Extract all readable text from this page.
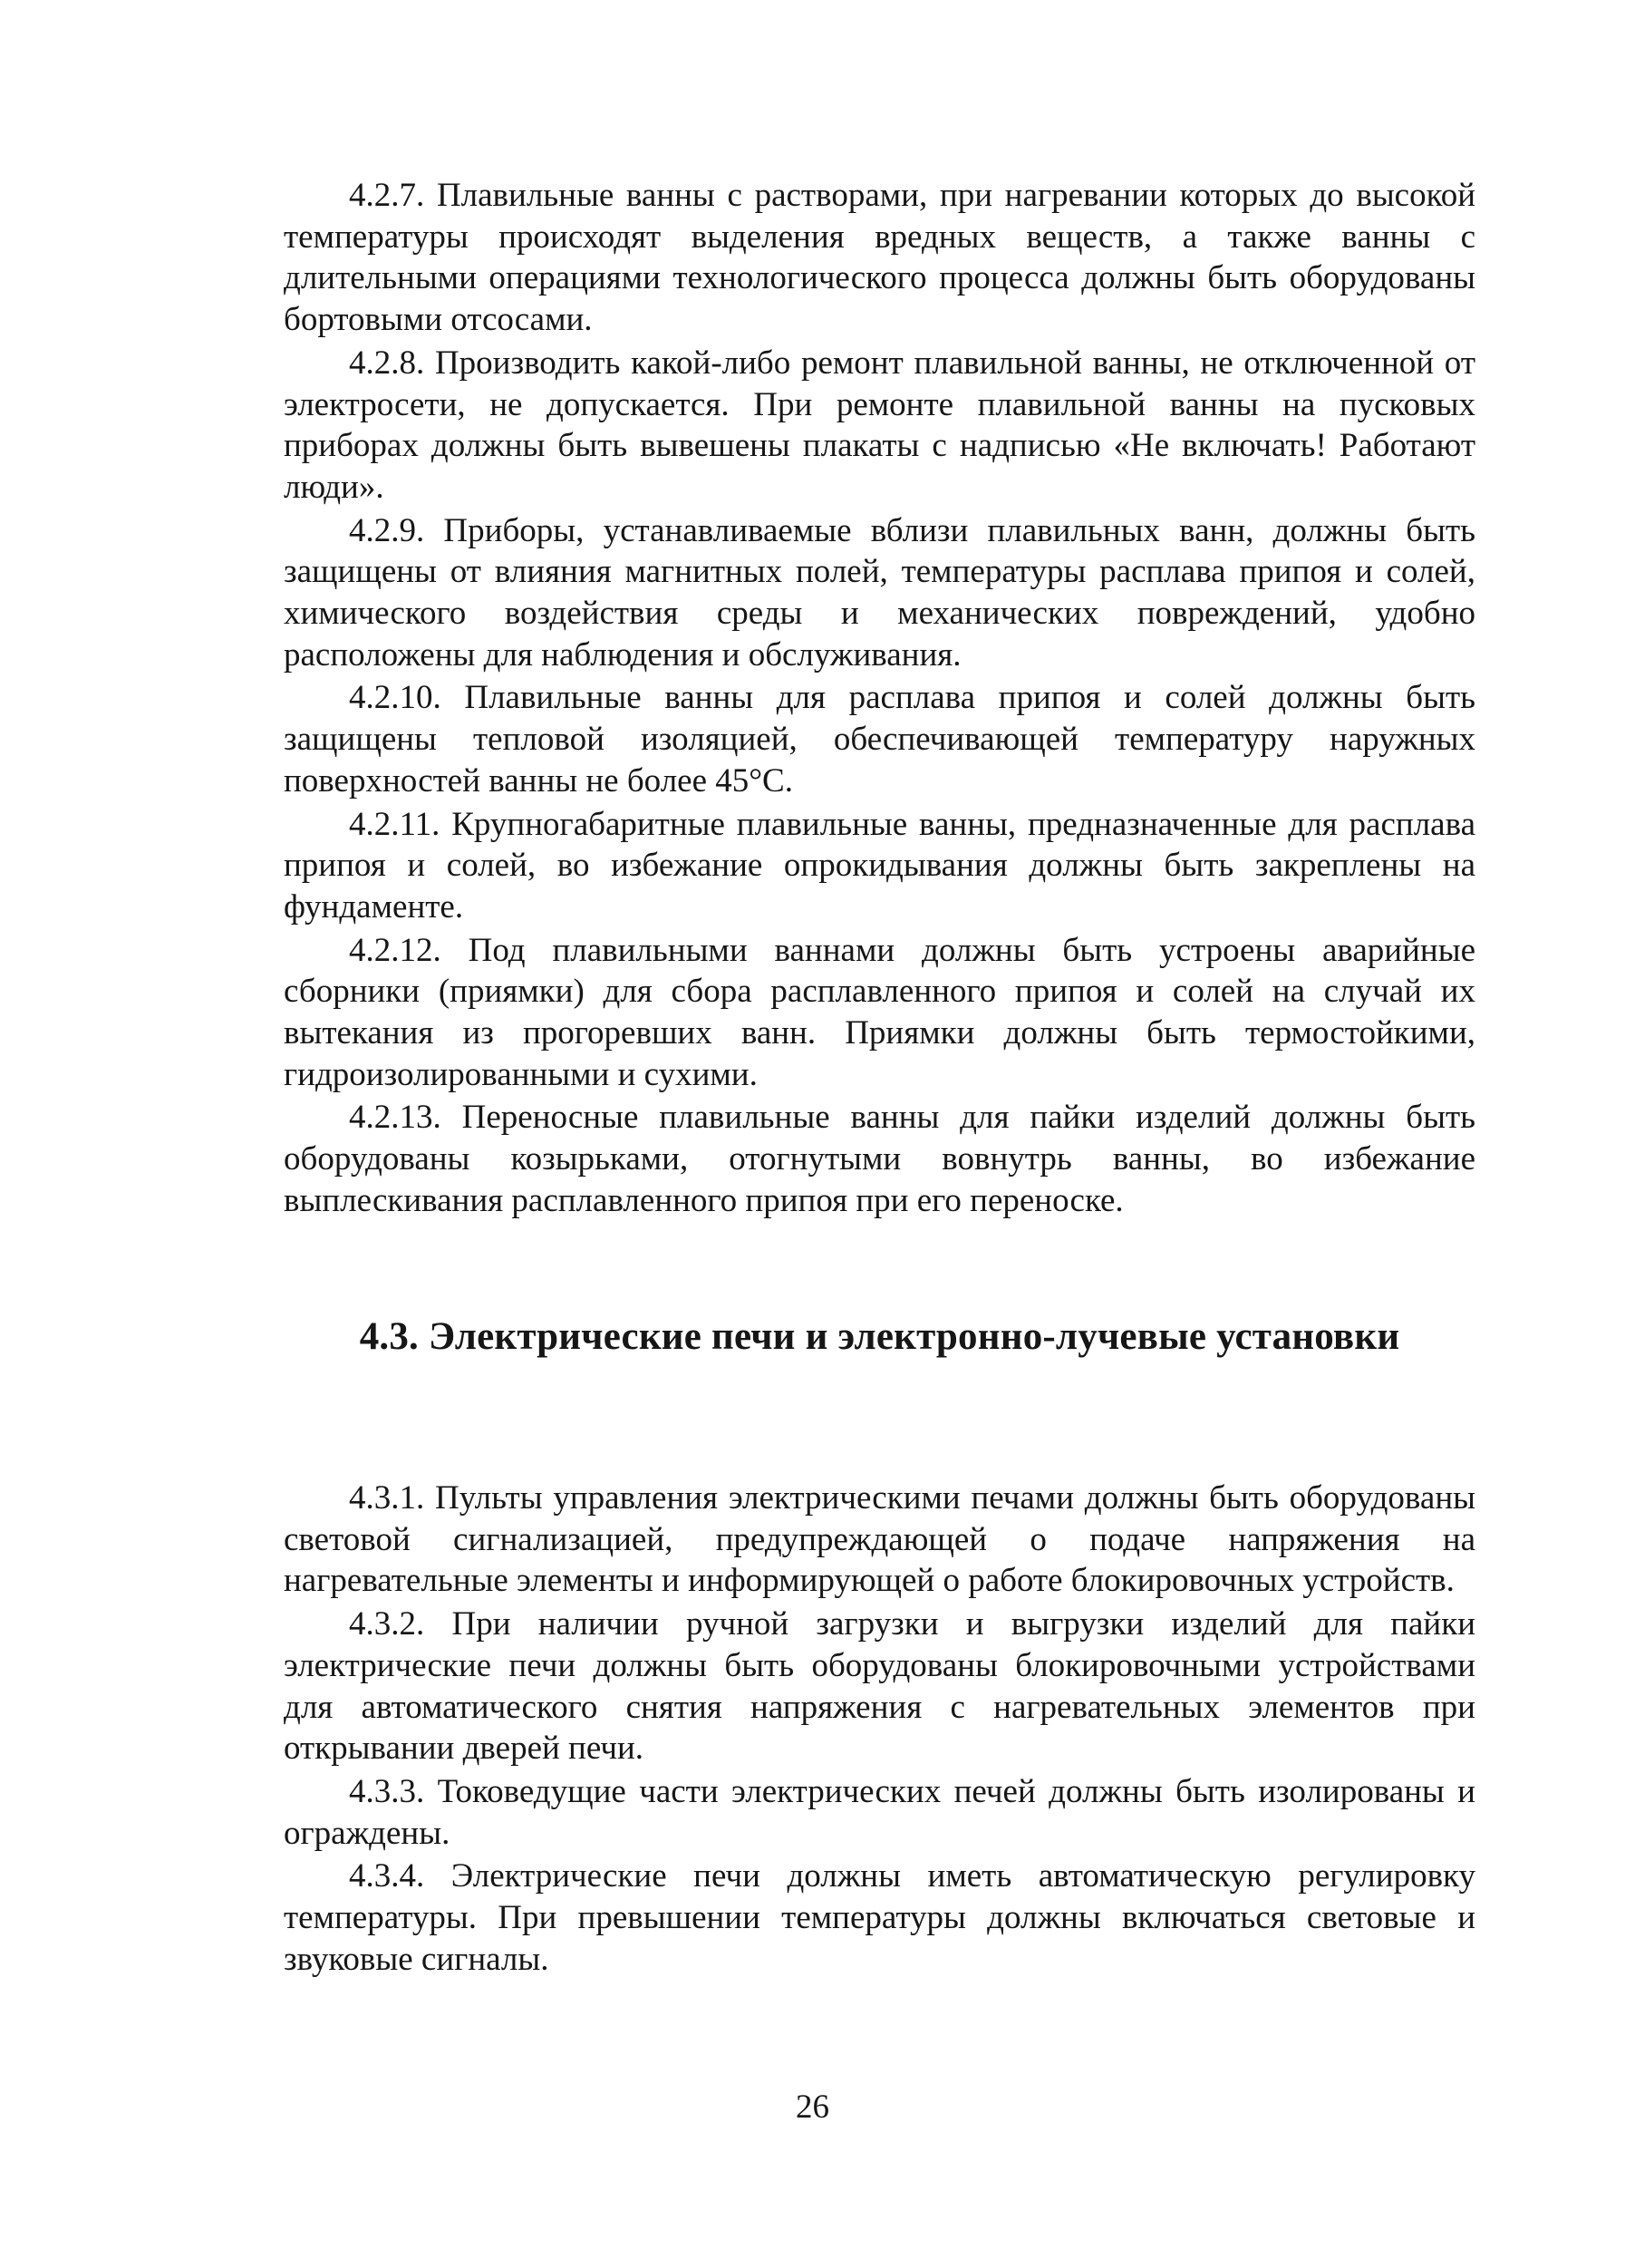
4.2.7. Плавильные ванны с растворами, при нагревании которых до высокой температуры происходят выделения вредных веществ, а также ванны с длительными операциями технологического процесса должны быть оборудованы бортовыми отсосами.

4.2.8. Производить какой-либо ремонт плавильной ванны, не отключенной от электросети, не допускается. При ремонте плавильной ванны на пусковых приборах должны быть вывешены плакаты с надписью «Не включать! Работают люди».

4.2.9. Приборы, устанавливаемые вблизи плавильных ванн, должны быть защищены от влияния магнитных полей, температуры расплава припоя и солей, химического воздействия среды и механических повреждений, удобно расположены для наблюдения и обслуживания.

4.2.10. Плавильные ванны для расплава припоя и солей должны быть защищены тепловой изоляцией, обеспечивающей температуру наружных поверхностей ванны не более 45°С.

4.2.11. Крупногабаритные плавильные ванны, предназначенные для расплава припоя и солей, во избежание опрокидывания должны быть закреплены на фундаменте.

4.2.12. Под плавильными ваннами должны быть устроены аварийные сборники (приямки) для сбора расплавленного припоя и солей на случай их вытекания из прогоревших ванн. Приямки должны быть термостойкими, гидроизолированными и сухими.

4.2.13. Переносные плавильные ванны для пайки изделий должны быть оборудованы козырьками, отогнутыми вовнутрь ванны, во избежание выплескивания расплавленного припоя при его переноске.

4.3. Электрические печи и электронно-лучевые установки

4.3.1. Пульты управления электрическими печами должны быть оборудованы световой сигнализацией, предупреждающей о подаче напряжения на нагревательные элементы и информирующей о работе блокировочных устройств.

4.3.2. При наличии ручной загрузки и выгрузки изделий для пайки электрические печи должны быть оборудованы блокировочными устройствами для автоматического снятия напряжения с нагревательных элементов при открывании дверей печи.

4.3.3. Токоведущие части электрических печей должны быть изолированы и ограждены.

4.3.4. Электрические печи должны иметь автоматическую регулировку температуры. При превышении температуры должны включаться световые и звуковые сигналы.

26
